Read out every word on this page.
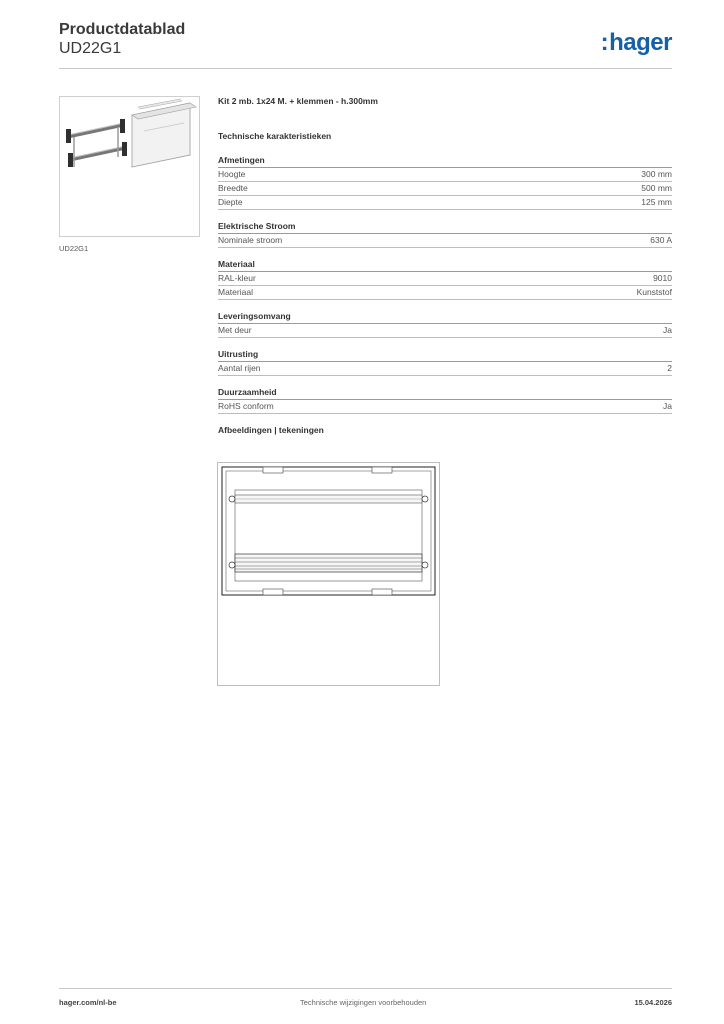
Productdatablad
UD22G1	:hager
UD22G1
Kit 2 mb. 1x24 M. + klemmen - h.300mm
Technische karakteristieken
Afmetingen
Hoogte	300 mm
Breedte	500 mm
Diepte	125 mm
Elektrische Stroom
Nominale stroom	630 A
Materiaal
RAL-kleur	9010
Materiaal	Kunststof
Leveringsomvang
Met deur	Ja
Uitrusting
Aantal rijen	2
Duurzaamheid
RoHS conform	Ja
Afbeeldingen | tekeningen
hager.com/nl-be	Technische wijzigingen voorbehouden	15.04.2026
